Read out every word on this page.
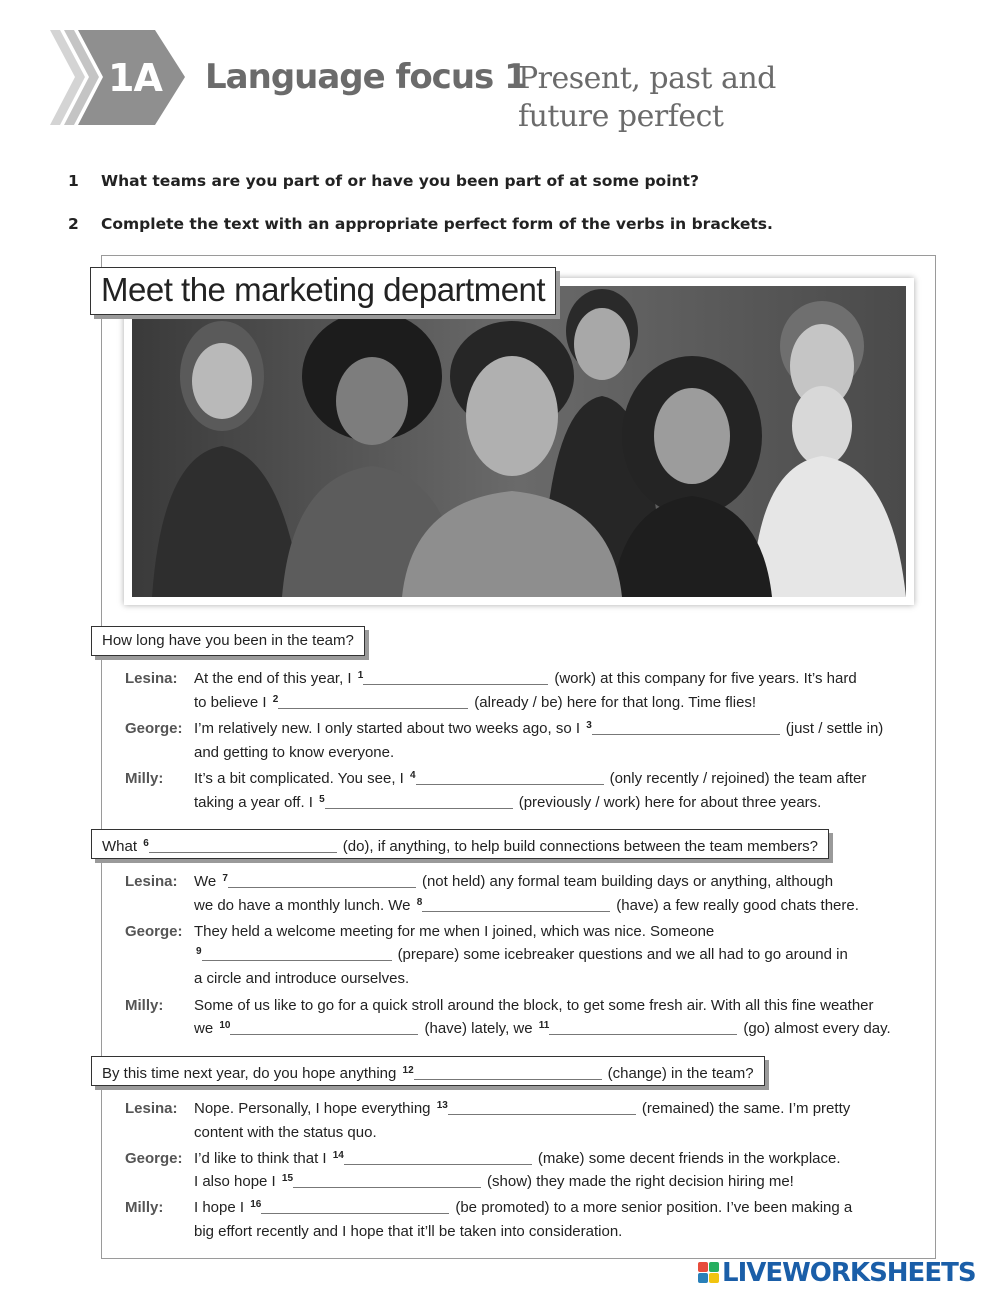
1A Language focus 1
Present, past and
future perfect
1 What teams are you part of or have you been part of at some point?
2 Complete the text with an appropriate perfect form of the verbs in brackets.
Meet the marketing department
How long have you been in the team?
Lesina: At the end of this year, I $^1$	(work) at this company for five years. It’s hard
to believe I $^2$	(already / be) here for that long. Time flies!
George: I’m relatively new. I only started about two weeks ago, so I $^3$	(just / settle in)
and getting to know everyone.
Milly: It’s a bit complicated. You see, I $^4$	(only recently / rejoined) the team after
taking a year off. I $^5$	(previously / work) here for about three years.
What $^6$	(do), if anything, to help build connections between the team members?
Lesina: We $^7$	(not held) any formal team building days or anything, although
we do have a monthly lunch. We $^8$	(have) a few really good chats there.
George: They held a welcome meeting for me when I joined, which was nice. Someone
$^9$	(prepare) some icebreaker questions and we all had to go around in
a circle and introduce ourselves.
Milly: Some of us like to go for a quick stroll around the block, to get some fresh air. With all this fine weather
we $^{10}$	(have) lately, we $^{11}$	(go) almost every day.
By this time next year, do you hope anything $^{12}$	(change) in the team?
Lesina: Nope. Personally, I hope everything $^{13}$	(remained) the same. I’m pretty
content with the status quo.
George: I’d like to think that I $^{14}$	(make) some decent friends in the workplace.
I also hope I $^{15}$	(show) they made the right decision hiring me!
Milly: I hope I $^{16}$	(be promoted) to a more senior position. I’ve been making a
big effort recently and I hope that it’ll be taken into consideration.
LIVEWORKSHEETS
